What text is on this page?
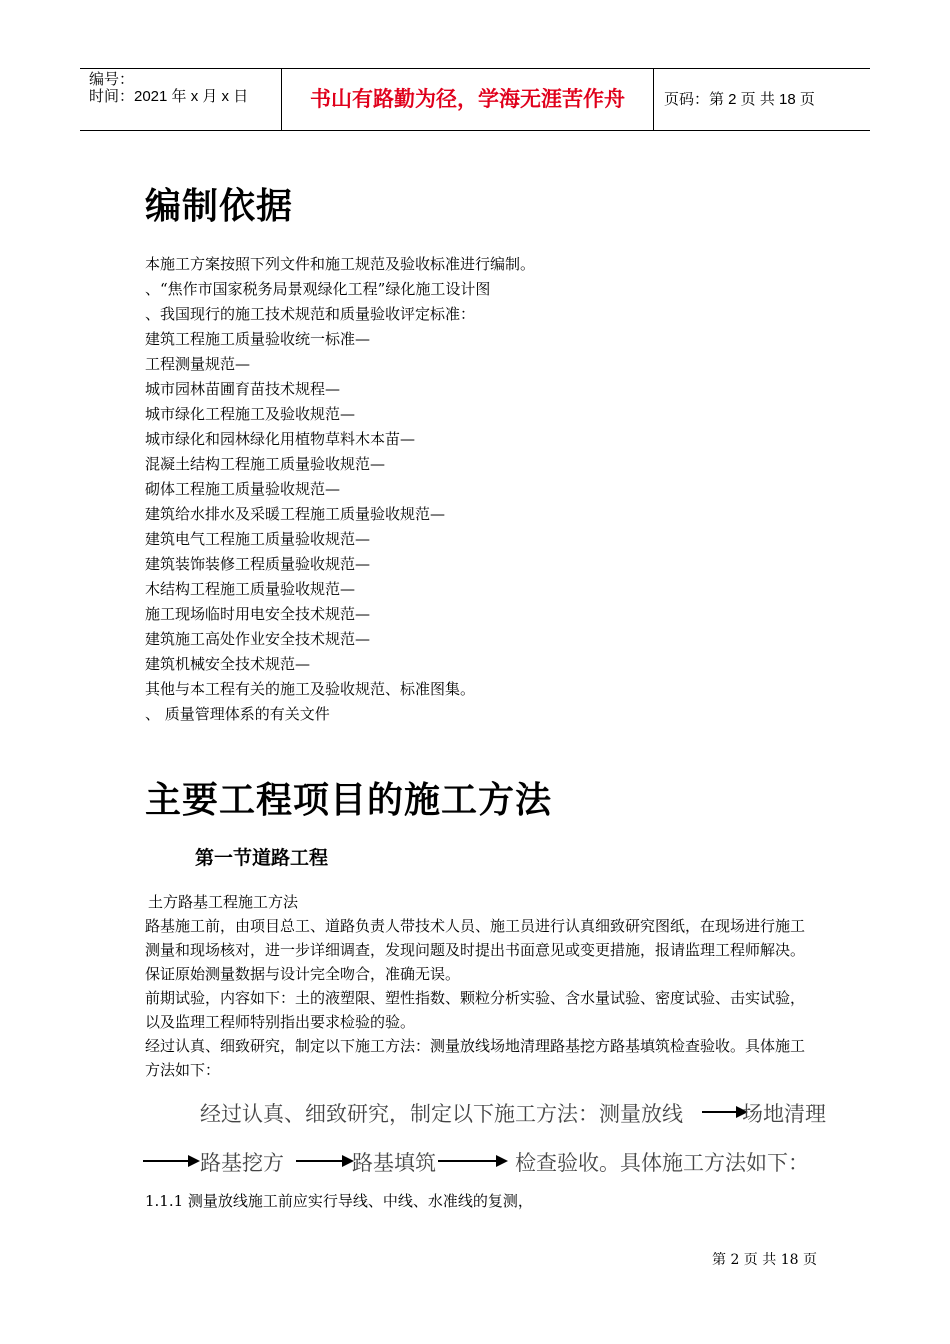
编号：
时间：2021 年 x 月 x 日	书山有路勤为径，学海无涯苦作舟	页码：第 2 页 共 18 页
编制依据
本施工方案按照下列文件和施工规范及验收标准进行编制。
、“焦作市国家税务局景观绿化工程”绿化施工设计图
、我国现行的施工技术规范和质量验收评定标准：
建筑工程施工质量验收统一标准—
工程测量规范—
城市园林苗圃育苗技术规程—
城市绿化工程施工及验收规范—
城市绿化和园林绿化用植物草料木本苗—
混凝土结构工程施工质量验收规范—
砌体工程施工质量验收规范—
建筑给水排水及采暖工程施工质量验收规范—
建筑电气工程施工质量验收规范—
建筑装饰装修工程质量验收规范—
木结构工程施工质量验收规范—
施工现场临时用电安全技术规范—
建筑施工高处作业安全技术规范—
建筑机械安全技术规范—
其他与本工程有关的施工及验收规范、标准图集。
、 质量管理体系的有关文件
主要工程项目的施工方法
第一节道路工程

土方路基工程施工方法

路基施工前，由项目总工、道路负责人带技术人员、施工员进行认真细致研究图纸，在现场进行施工测量和现场核对，进一步详细调查，发现问题及时提出书面意见或变更措施，报请监理工程师解决。保证原始测量数据与设计完全吻合，准确无误。

前期试验，内容如下：土的液塑限、塑性指数、颗粒分析实验、含水量试验、密度试验、击实试验，以及监理工程师特别指出要求检验的验。

经过认真、细致研究，制定以下施工方法：测量放线场地清理路基挖方路基填筑检查验收。具体施工方法如下：

经过认真、细致研究，制定以下施工方法：测量放线	场地清理
路基挖方	路基填筑	检查验收。具体施工方法如下：
1.1.1 测量放线施工前应实行导线、中线、水准线的复测，
第 2 页 共 18 页
